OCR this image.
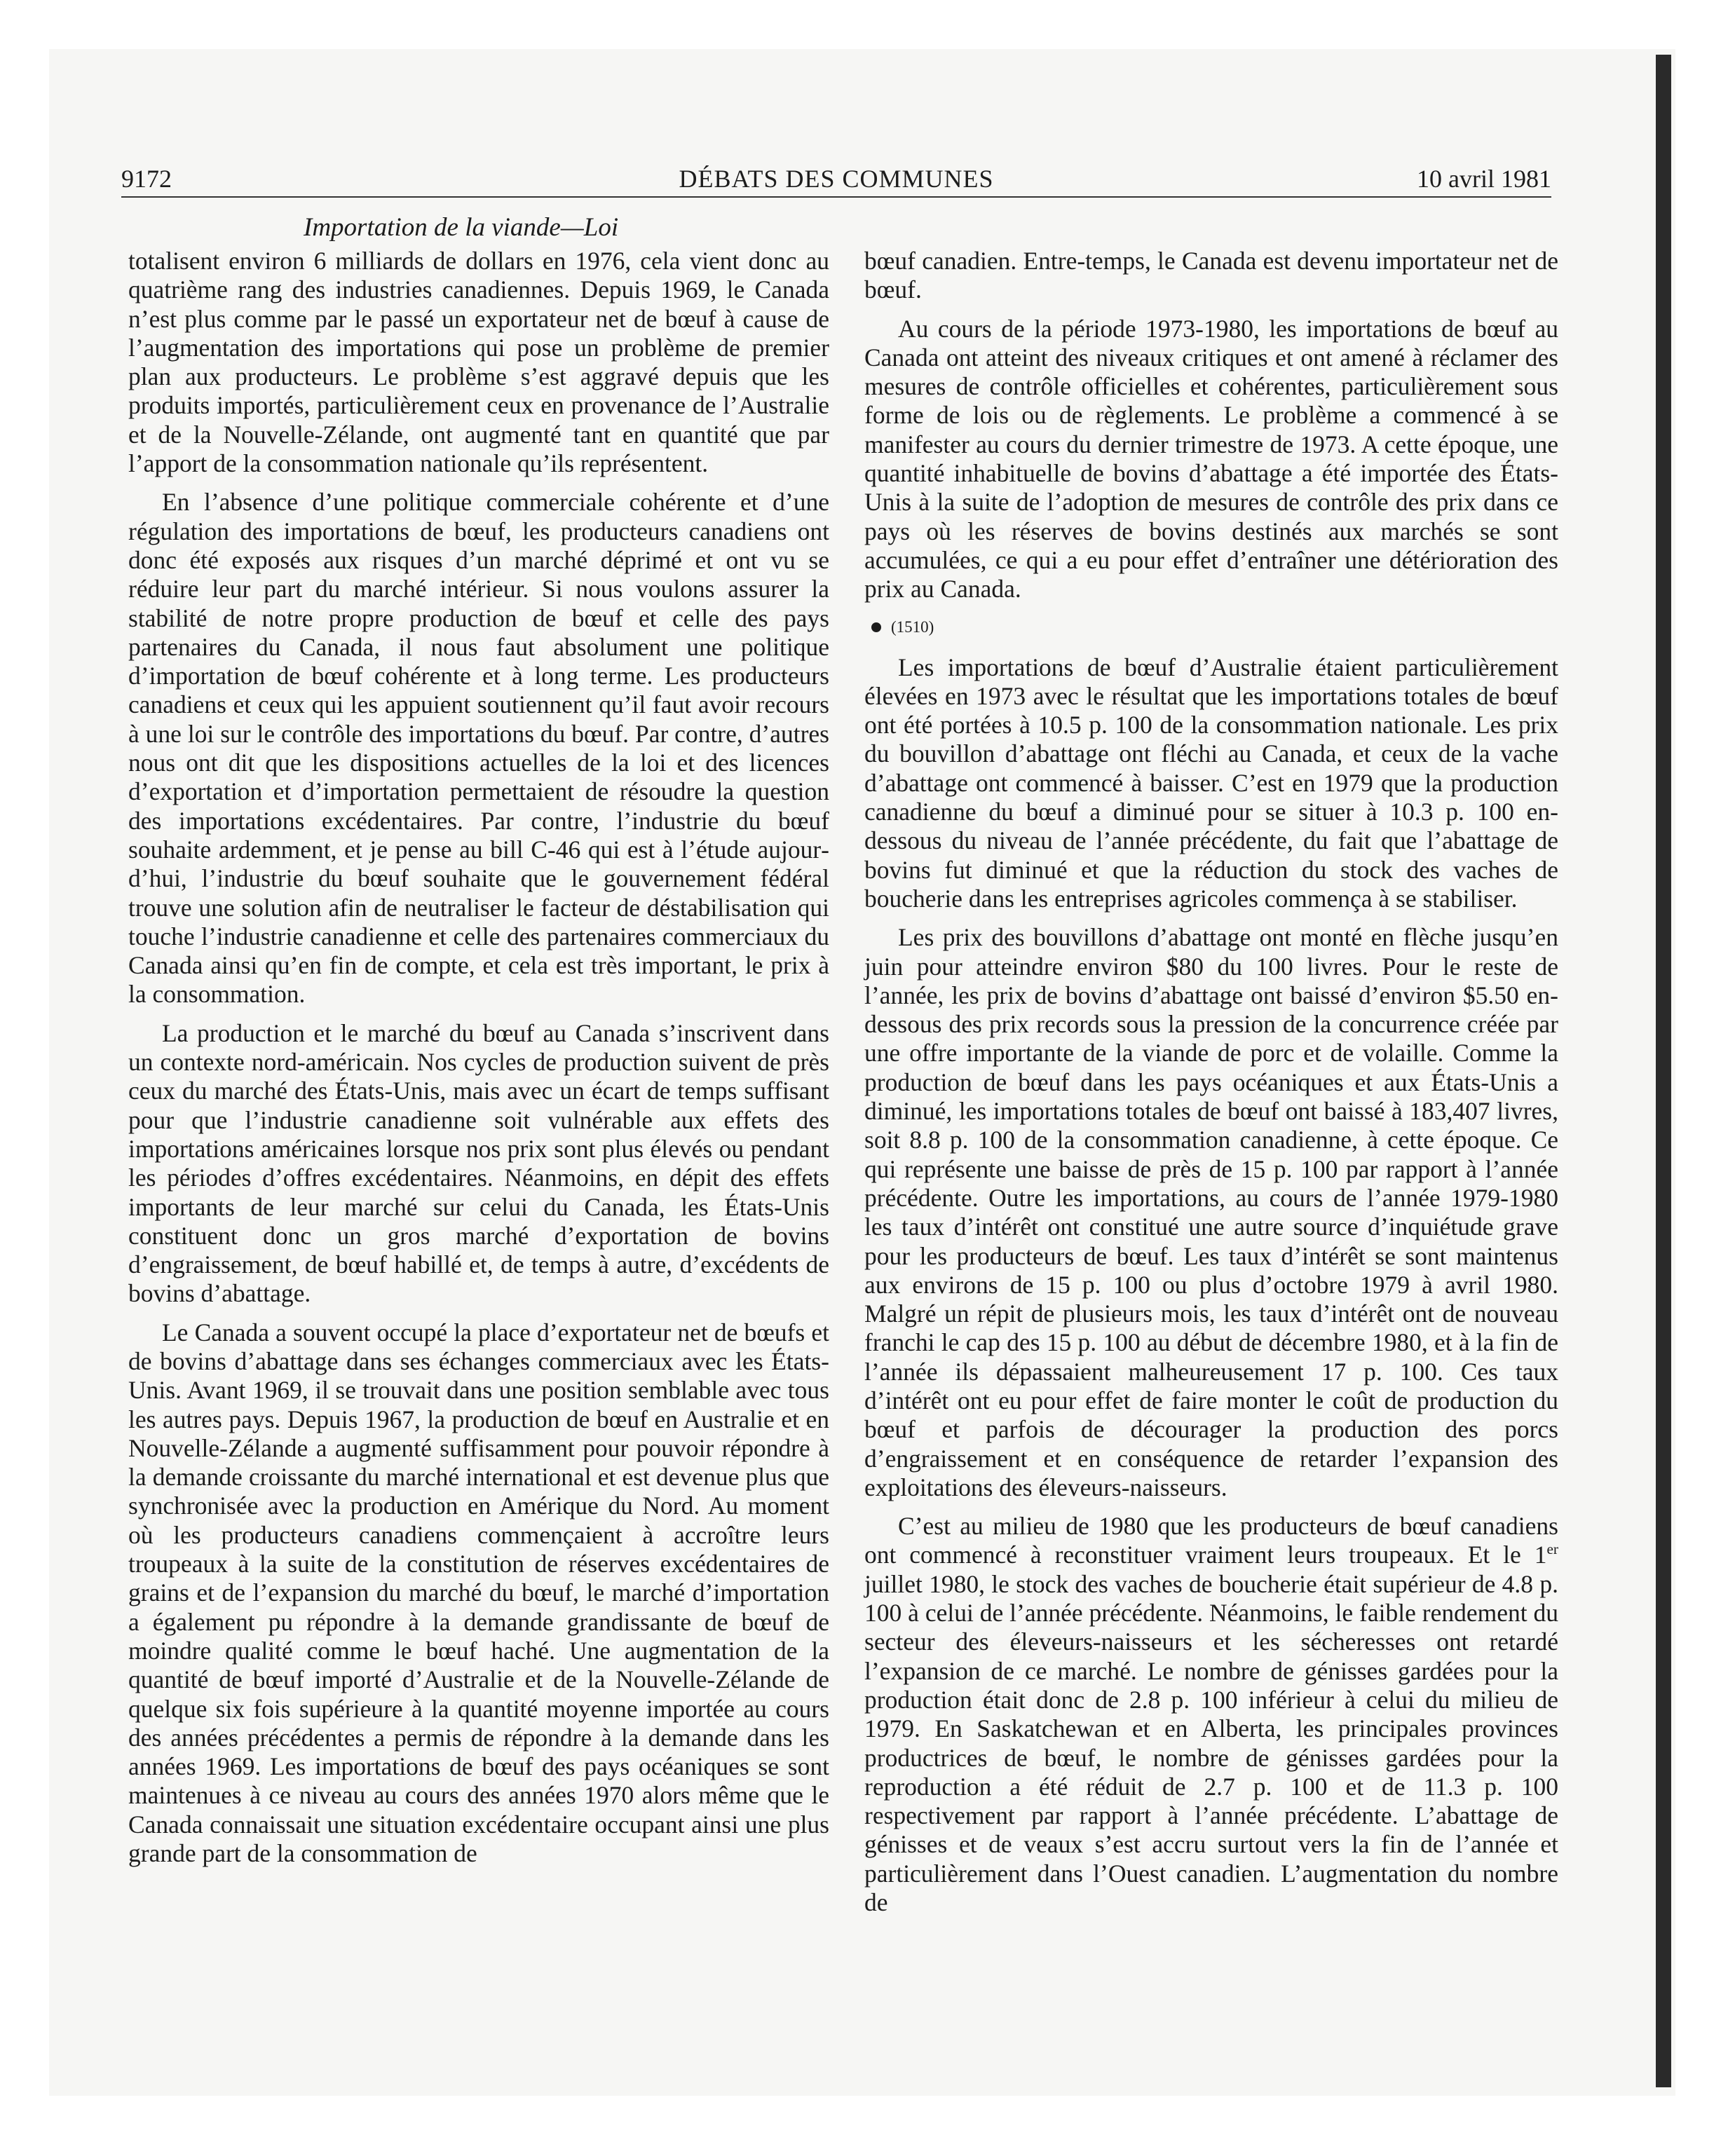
9172	DÉBATS DES COMMUNES	10 avril 1981
Importation de la viande—Loi

totalisent environ 6 milliards de dollars en 1976, cela vient donc au quatrième rang des industries canadiennes. Depuis 1969, le Canada n’est plus comme par le passé un exportateur net de bœuf à cause de l’augmentation des importations qui pose un problème de premier plan aux producteurs. Le problème s’est aggravé depuis que les produits importés, particulièrement ceux en provenance de l’Australie et de la Nouvelle-Zélande, ont augmenté tant en quantité que par l’apport de la consommation nationale qu’ils représentent.

En l’absence d’une politique commerciale cohérente et d’une régulation des importations de bœuf, les producteurs canadiens ont donc été exposés aux risques d’un marché déprimé et ont vu se réduire leur part du marché intérieur. Si nous voulons assurer la stabilité de notre propre production de bœuf et celle des pays partenaires du Canada, il nous faut absolument une politique d’importation de bœuf cohérente et à long terme. Les producteurs canadiens et ceux qui les appuient soutiennent qu’il faut avoir recours à une loi sur le contrôle des importations du bœuf. Par contre, d’autres nous ont dit que les dispositions actuelles de la loi et des licences d’exportation et d’importation permettaient de résoudre la question des importations excédentaires. Par contre, l’industrie du bœuf souhaite ardemment, et je pense au bill C-46 qui est à l’étude aujourd’hui, l’industrie du bœuf souhaite que le gouvernement fédéral trouve une solution afin de neutraliser le facteur de déstabilisation qui touche l’industrie canadienne et celle des partenaires commerciaux du Canada ainsi qu’en fin de compte, et cela est très important, le prix à la consommation.

La production et le marché du bœuf au Canada s’inscrivent dans un contexte nord-américain. Nos cycles de production suivent de près ceux du marché des États-Unis, mais avec un écart de temps suffisant pour que l’industrie canadienne soit vulnérable aux effets des importations américaines lorsque nos prix sont plus élevés ou pendant les périodes d’offres excédentaires. Néanmoins, en dépit des effets importants de leur marché sur celui du Canada, les États-Unis constituent donc un gros marché d’exportation de bovins d’engraissement, de bœuf habillé et, de temps à autre, d’excédents de bovins d’abattage.

Le Canada a souvent occupé la place d’exportateur net de bœufs et de bovins d’abattage dans ses échanges commerciaux avec les États-Unis. Avant 1969, il se trouvait dans une position semblable avec tous les autres pays. Depuis 1967, la production de bœuf en Australie et en Nouvelle-Zélande a augmenté suffisamment pour pouvoir répondre à la demande croissante du marché international et est devenue plus que synchronisée avec la production en Amérique du Nord. Au moment où les producteurs canadiens commençaient à accroître leurs troupeaux à la suite de la constitution de réserves excédentaires de grains et de l’expansion du marché du bœuf, le marché d’importation a également pu répondre à la demande grandissante de bœuf de moindre qualité comme le bœuf haché. Une augmentation de la quantité de bœuf importé d’Australie et de la Nouvelle-Zélande de quelque six fois supérieure à la quantité moyenne importée au cours des années précédentes a permis de répondre à la demande dans les années 1969. Les importations de bœuf des pays océaniques se sont maintenues à ce niveau au cours des années 1970 alors même que le Canada connaissait une situation excédentaire occupant ainsi une plus grande part de la consommation de

bœuf canadien. Entre-temps, le Canada est devenu importateur net de bœuf.

Au cours de la période 1973-1980, les importations de bœuf au Canada ont atteint des niveaux critiques et ont amené à réclamer des mesures de contrôle officielles et cohérentes, particulièrement sous forme de lois ou de règlements. Le problème a commencé à se manifester au cours du dernier trimestre de 1973. A cette époque, une quantité inhabituelle de bovins d’abattage a été importée des États-Unis à la suite de l’adoption de mesures de contrôle des prix dans ce pays où les réserves de bovins destinés aux marchés se sont accumulées, ce qui a eu pour effet d’entraîner une détérioration des prix au Canada.

(1510)

Les importations de bœuf d’Australie étaient particulièrement élevées en 1973 avec le résultat que les importations totales de bœuf ont été portées à 10.5 p. 100 de la consommation nationale. Les prix du bouvillon d’abattage ont fléchi au Canada, et ceux de la vache d’abattage ont commencé à baisser. C’est en 1979 que la production canadienne du bœuf a diminué pour se situer à 10.3 p. 100 en-dessous du niveau de l’année précédente, du fait que l’abattage de bovins fut diminué et que la réduction du stock des vaches de boucherie dans les entreprises agricoles commença à se stabiliser.

Les prix des bouvillons d’abattage ont monté en flèche jusqu’en juin pour atteindre environ $80 du 100 livres. Pour le reste de l’année, les prix de bovins d’abattage ont baissé d’environ $5.50 en-dessous des prix records sous la pression de la concurrence créée par une offre importante de la viande de porc et de volaille. Comme la production de bœuf dans les pays océaniques et aux États-Unis a diminué, les importations totales de bœuf ont baissé à 183,407 livres, soit 8.8 p. 100 de la consommation canadienne, à cette époque. Ce qui représente une baisse de près de 15 p. 100 par rapport à l’année précédente. Outre les importations, au cours de l’année 1979-1980 les taux d’intérêt ont constitué une autre source d’inquiétude grave pour les producteurs de bœuf. Les taux d’intérêt se sont maintenus aux environs de 15 p. 100 ou plus d’octobre 1979 à avril 1980. Malgré un répit de plusieurs mois, les taux d’intérêt ont de nouveau franchi le cap des 15 p. 100 au début de décembre 1980, et à la fin de l’année ils dépassaient malheureusement 17 p. 100. Ces taux d’intérêt ont eu pour effet de faire monter le coût de production du bœuf et parfois de décourager la production des porcs d’engraissement et en conséquence de retarder l’expansion des exploitations des éleveurs-naisseurs.

C’est au milieu de 1980 que les producteurs de bœuf canadiens ont commencé à reconstituer vraiment leurs troupeaux. Et le 1er juillet 1980, le stock des vaches de boucherie était supérieur de 4.8 p. 100 à celui de l’année précédente. Néanmoins, le faible rendement du secteur des éleveurs-naisseurs et les sécheresses ont retardé l’expansion de ce marché. Le nombre de génisses gardées pour la production était donc de 2.8 p. 100 inférieur à celui du milieu de 1979. En Saskatchewan et en Alberta, les principales provinces productrices de bœuf, le nombre de génisses gardées pour la reproduction a été réduit de 2.7 p. 100 et de 11.3 p. 100 respectivement par rapport à l’année précédente. L’abattage de génisses et de veaux s’est accru surtout vers la fin de l’année et particulièrement dans l’Ouest canadien. L’augmentation du nombre de
